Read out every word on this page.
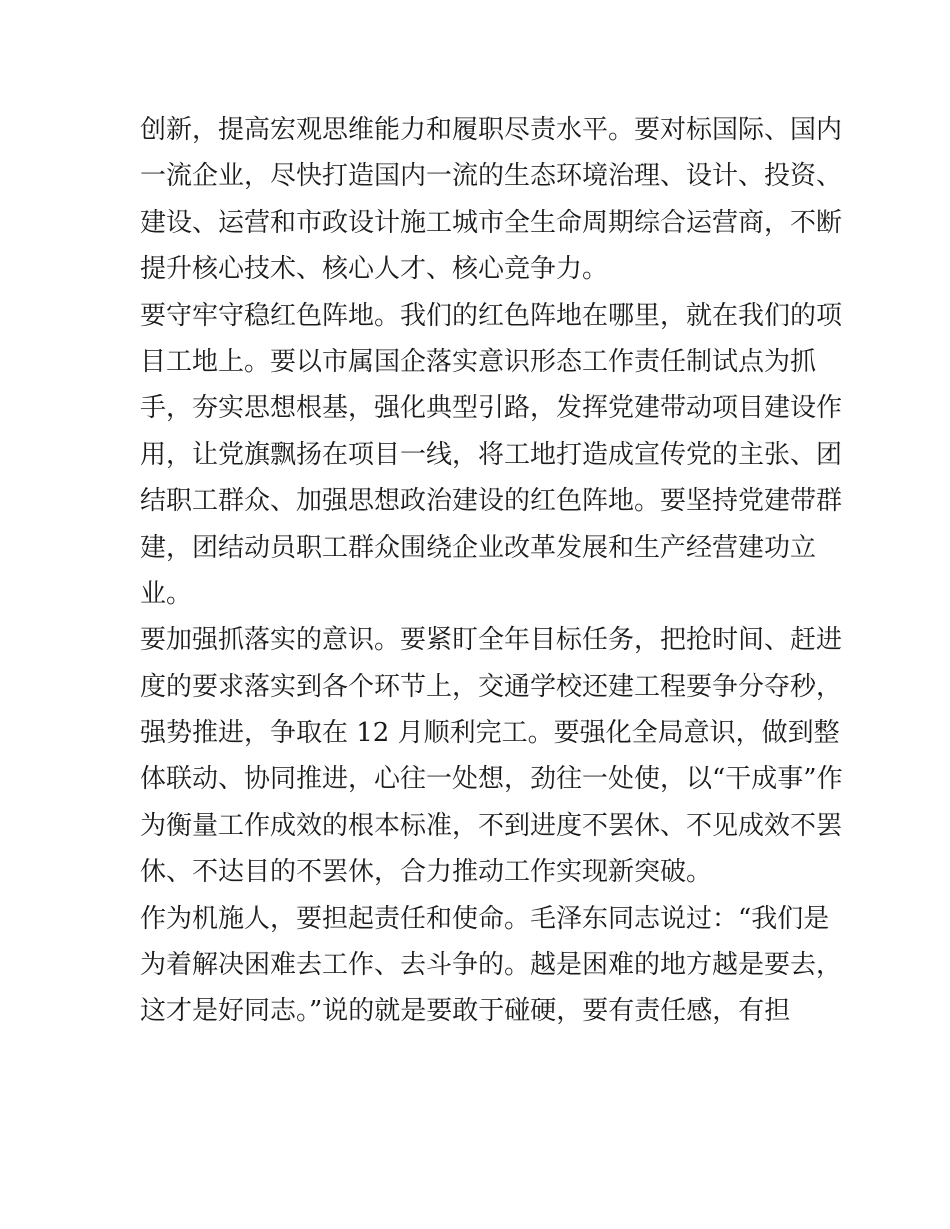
创新，提高宏观思维能力和履职尽责水平。要对标国际、国内
一流企业，尽快打造国内一流的生态环境治理、设计、投资、
建设、运营和市政设计施工城市全生命周期综合运营商，不断
提升核心技术、核心人才、核心竞争力。
要守牢守稳红色阵地。我们的红色阵地在哪里，就在我们的项
目工地上。要以市属国企落实意识形态工作责任制试点为抓
手，夯实思想根基，强化典型引路，发挥党建带动项目建设作
用，让党旗飘扬在项目一线，将工地打造成宣传党的主张、团
结职工群众、加强思想政治建设的红色阵地。要坚持党建带群
建，团结动员职工群众围绕企业改革发展和生产经营建功立
业。
要加强抓落实的意识。要紧盯全年目标任务，把抢时间、赶进
度的要求落实到各个环节上，交通学校还建工程要争分夺秒，
强势推进，争取在 12 月顺利完工。要强化全局意识，做到整
体联动、协同推进，心往一处想，劲往一处使，以“干成事”作
为衡量工作成效的根本标准，不到进度不罢休、不见成效不罢
休、不达目的不罢休，合力推动工作实现新突破。
作为机施人，要担起责任和使命。毛泽东同志说过：“我们是
为着解决困难去工作、去斗争的。越是困难的地方越是要去，
这才是好同志。”说的就是要敢于碰硬，要有责任感，有担
